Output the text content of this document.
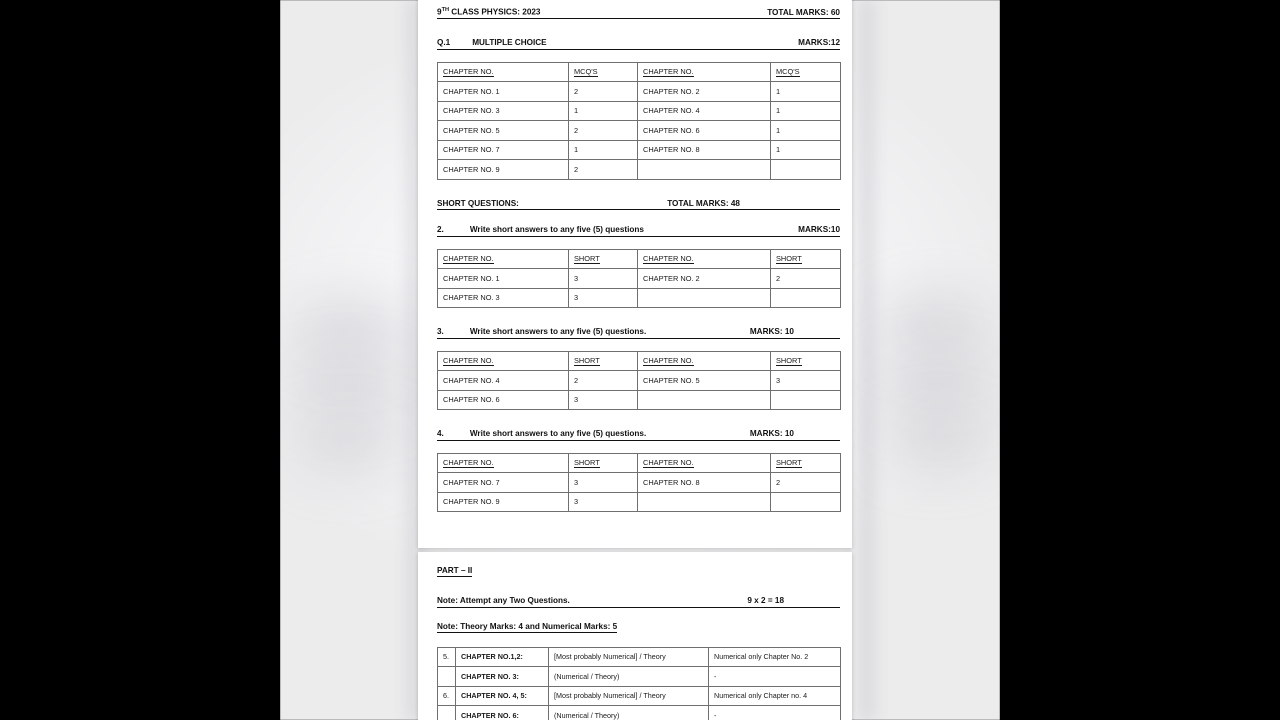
9TH CLASS PHYSICS: 2023	TOTAL MARKS: 60
Q.1	MULTIPLE CHOICE	MARKS:12
CHAPTER NO.	MCQ'S	CHAPTER NO.	MCQ'S
CHAPTER NO. 1	2	CHAPTER NO. 2	1
CHAPTER NO. 3	1	CHAPTER NO. 4	1
CHAPTER NO. 5	2	CHAPTER NO. 6	1
CHAPTER NO. 7	1	CHAPTER NO. 8	1
CHAPTER NO. 9	2		
SHORT QUESTIONS:	TOTAL MARKS: 48
2.	Write short answers to any five (5) questions	MARKS:10
CHAPTER NO.	SHORT	CHAPTER NO.	SHORT
CHAPTER NO. 1	3	CHAPTER NO. 2	2
CHAPTER NO. 3	3		
3.	Write short answers to any five (5) questions.	MARKS: 10
CHAPTER NO.	SHORT	CHAPTER NO.	SHORT
CHAPTER NO. 4	2	CHAPTER NO. 5	3
CHAPTER NO. 6	3		
4.	Write short answers to any five (5) questions.	MARKS: 10
CHAPTER NO.	SHORT	CHAPTER NO.	SHORT
CHAPTER NO. 7	3	CHAPTER NO. 8	2
CHAPTER NO. 9	3		
PART – II
Note: Attempt any Two Questions.	9 x 2 = 18
Note: Theory Marks: 4 and Numerical Marks: 5
5.	CHAPTER NO.1,2:	[Most probably Numerical] / Theory	Numerical only Chapter No. 2
	CHAPTER NO. 3:	(Numerical / Theory)	-
6.	CHAPTER NO. 4, 5:	[Most probably Numerical] / Theory	Numerical only Chapter no. 4
	CHAPTER NO. 6:	(Numerical / Theory)	-
